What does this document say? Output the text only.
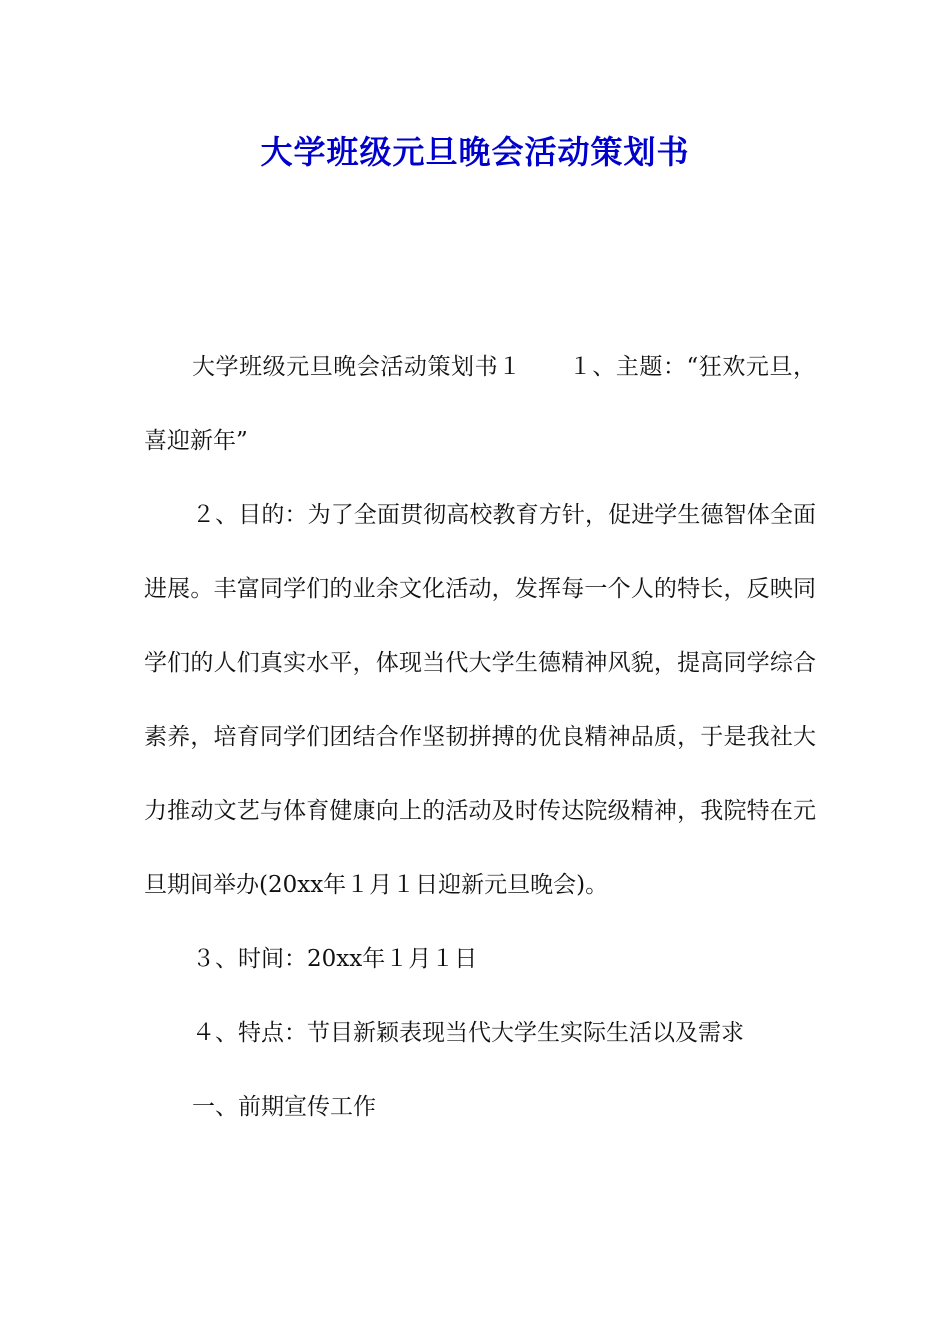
大学班级元旦晚会活动策划书

大学班级元旦晚会活动策划书１　　１、主题：“狂欢元旦，喜迎新年”

２、目的：为了全面贯彻高校教育方针，促进学生德智体全面进展。丰富同学们的业余文化活动，发挥每一个人的特长，反映同学们的人们真实水平，体现当代大学生德精神风貌，提高同学综合素养，培育同学们团结合作坚韧拼搏的优良精神品质，于是我社大力推动文艺与体育健康向上的活动及时传达院级精神，我院特在元旦期间举办(20xx年１月１日迎新元旦晚会)。

３、时间：20xx年１月１日

４、特点：节目新颖表现当代大学生实际生活以及需求

一、前期宣传工作
